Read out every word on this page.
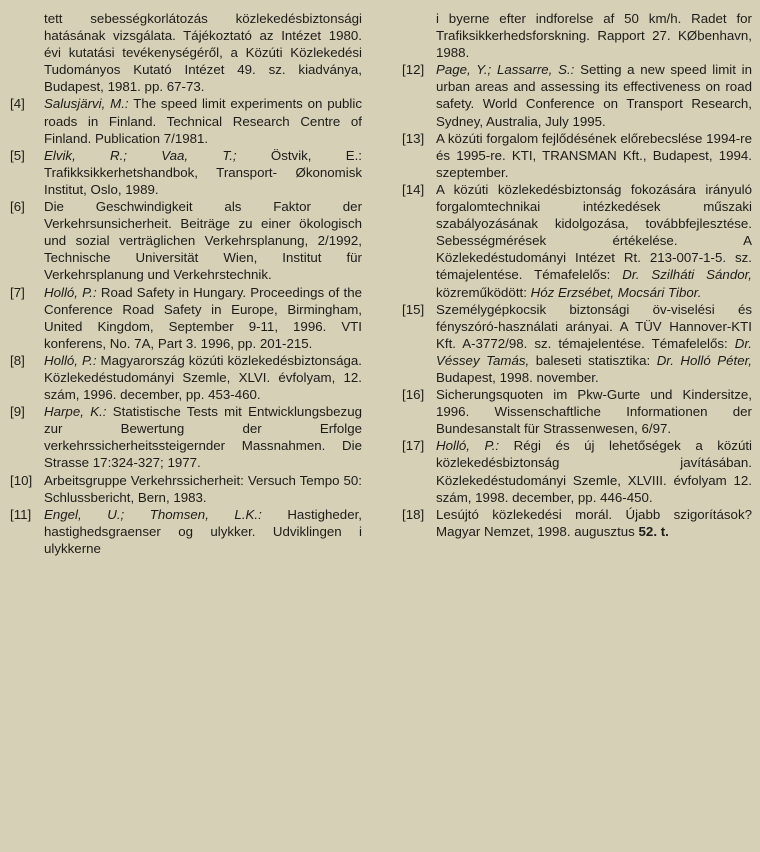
tett sebességkorlátozás közlekedésbiztonsági hatásának vizsgálata. Tájékoztató az Intézet 1980. évi kutatási tevékenységéről, a Közúti Közlekedési Tudományos Kutató Intézet 49. sz. kiadványa, Budapest, 1981. pp. 67-73.

[4] Salusjärvi, M.: The speed limit experiments on public roads in Finland. Technical Research Centre of Finland. Publication 7/1981.

[5] Elvik, R.; Vaa, T.;	Östvik, E.: Trafikksikkerhetshandbok, Transport- Økonomisk Institut, Oslo, 1989.

[6] Die Geschwindigkeit als Faktor der Verkehrsunsicherheit. Beiträge zu einer ökologisch und sozial verträglichen Verkehrsplanung, 2/1992, Technische Universität Wien, Institut für Verkehrsplanung und Verkehrstechnik.

[7] Holló, P.: Road Safety in Hungary. Proceedings of the Conference Road Safety in Europe, Birmingham, United Kingdom, September 9-11, 1996. VTI konferens, No. 7A, Part 3. 1996, pp. 201-215.

[8] Holló, P.: Magyarország közúti közlekedésbiztonsága. Közlekedéstudományi Szemle, XLVI. évfolyam, 12. szám, 1996. december, pp. 453-460.

[9] Harpe, K.: Statistische Tests mit Entwicklungsbezug zur Bewertung der Erfolge verkehrssicherheitssteigernder Massnahmen. Die Strasse 17:324-327; 1977.

[10] Arbeitsgruppe Verkehrssicherheit: Versuch Tempo 50: Schlussbericht, Bern, 1983.

[11] Engel, U.; Thomsen, L.K.: Hastigheder, hastighedsgraenser og ulykker. Udviklingen i ulykkerne

i byerne efter indforelse af 50 km/h. Radet for Trafiksikkerhedsforskning. Rapport 27. KØbenhavn, 1988.

[12] Page, Y.; Lassarre, S.: Setting a new speed limit in urban areas and assessing its effectiveness on road safety. World Conference on Transport Research, Sydney, Australia, July 1995.

[13] A közúti forgalom fejlődésének előrebecslése 1994-re és 1995-re. KTI, TRANSMAN Kft., Budapest, 1994. szeptember.

[14] A közúti közlekedésbiztonság fokozására irányuló forgalomtechnikai intézkedések műszaki szabályozásának kidolgozása, továbbfejlesztése. Sebességmérések értékelése. A Közlekedéstudományi Intézet Rt. 213-007-1-5. sz. témajelentése. Témafelelős: Dr. Szilháti Sándor, közreműködött: Hóz Erzsébet, Mocsári Tibor.

[15] Személygépkocsik biztonsági öv-viselési és fényszóró-használati arányai. A TÜV Hannover-KTI Kft. A-3772/98. sz. témajelentése. Témafelelős: Dr. Véssey Tamás, baleseti statisztika: Dr. Holló Péter, Budapest, 1998. november.

[16] Sicherungsquoten im Pkw-Gurte und Kindersitze, 1996. Wissenschaftliche Informationen der Bundesanstalt für Strassenwesen, 6/97.

[17] Holló, P.: Régi és új lehetőségek a közúti közlekedésbiztonság javításában. Közlekedéstudományi Szemle, XLVIII. évfolyam 12. szám, 1998. december, pp. 446-450.

[18] Lesújtó közlekedési morál. Újabb szigorítások? Magyar Nemzet, 1998. augusztus 52. t.
